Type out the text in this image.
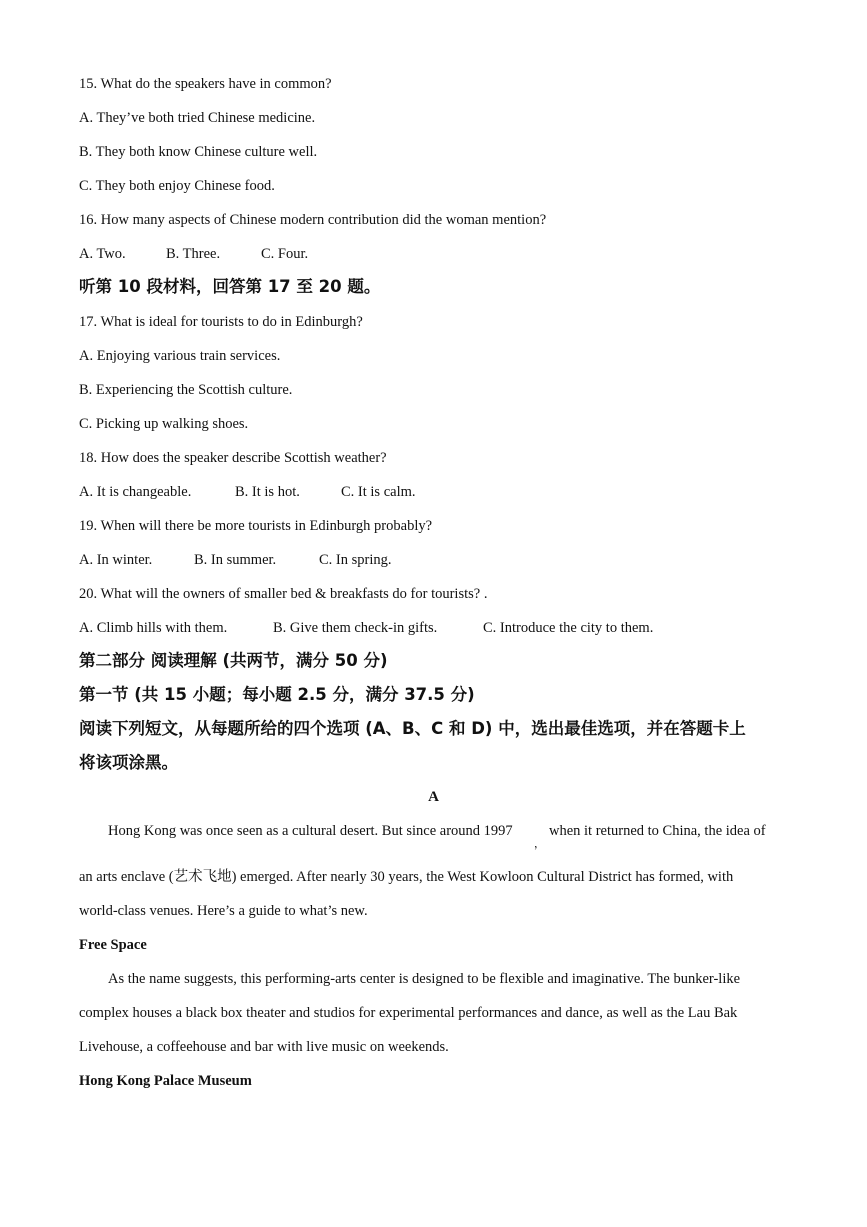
15. What do the speakers have in common?
A. They’ve both tried Chinese medicine.
B. They both know Chinese culture well.
C. They both enjoy Chinese food.
16. How many aspects of Chinese modern contribution did the woman mention?
A. Two.	B. Three.	C. Four.
听第 10 段材料，回答第 17 至 20 题。
17. What is ideal for tourists to do in Edinburgh?
A. Enjoying various train services.
B. Experiencing the Scottish culture.
C. Picking up walking shoes.
18. How does the speaker describe Scottish weather?
A. It is changeable.	B. It is hot.	C. It is calm.
19. When will there be more tourists in Edinburgh probably?
A. In winter.	B. In summer.	C. In spring.
20. What will the owners of smaller bed & breakfasts do for tourists? .
A. Climb hills with them.	B. Give them check-in gifts.	C. Introduce the city to them.
第二部分 阅读理解 (共两节，满分 50 分)
第一节 (共 15 小题；每小题 2.5 分，满分 37.5 分)
阅读下列短文，从每题所给的四个选项 (A、B、C 和 D) 中，选出最佳选项，并在答题卡上
将该项涂黑。
A
Hong Kong was once seen as a cultural desert. But since around 1997
，
when it returned to China, the idea of
an arts enclave (艺术飞地) emerged. After nearly 30 years, the West Kowloon Cultural District has formed, with
world-class venues. Here’s a guide to what’s new.
Free Space
As the name suggests, this performing-arts center is designed to be flexible and imaginative. The bunker-like
complex houses a black box theater and studios for experimental performances and dance, as well as the Lau Bak
Livehouse, a coffeehouse and bar with live music on weekends.
Hong Kong Palace Museum
